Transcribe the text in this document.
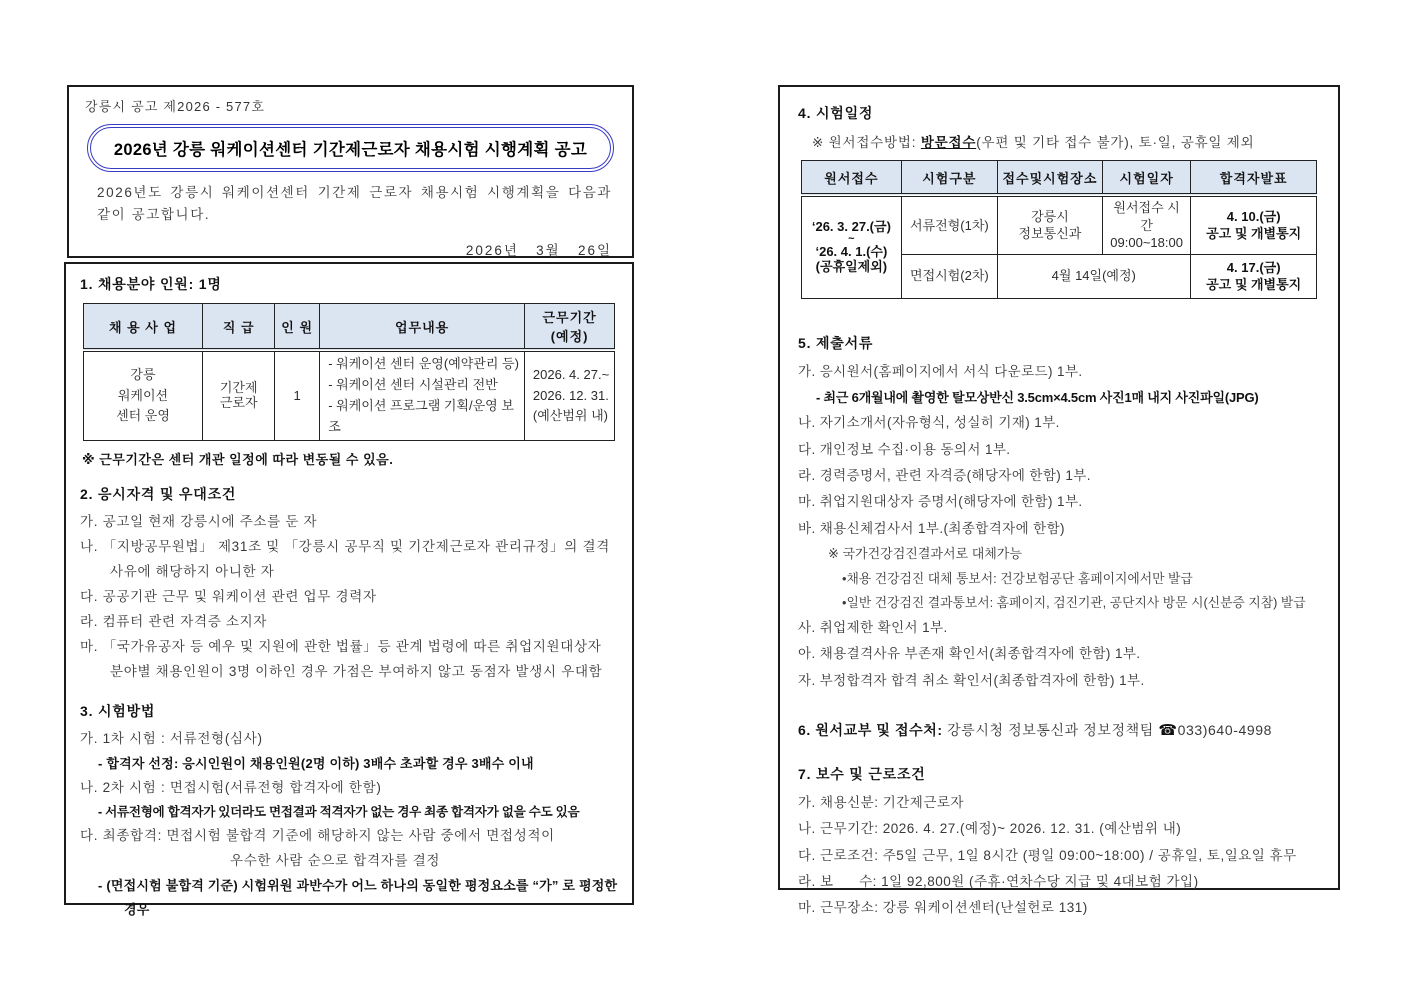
강릉시 공고 제2026 - 577호
2026년 강릉 워케이션센터 기간제근로자 채용시험 시행계획 공고
2026년도 강릉시 워케이션센터 기간제 근로자 채용시험 시행계획을 다음과 같이 공고합니다.
2026년   3월   26일
1. 채용분야 인원: 1명
채 용 사 업	직 급	인 원	업무내용	근무기간
(예정)

강릉
워케이션
센터 운영	기간제
근로자	1	- 워케이션 센터 운영(예약관리 등)
- 워케이션 센터 시설관리 전반
- 워케이션 프로그램 기획/운영 보조	2026. 4. 27.~
2026. 12. 31.
(예산범위 내)
※ 근무기간은 센터 개관 일정에 따라 변동될 수 있음.
2. 응시자격 및 우대조건
가. 공고일 현재 강릉시에 주소를 둔 자
나. 「지방공무원법」 제31조 및 「강릉시 공무직 및 기간제근로자 관리규정」의 결격사유에 해당하지 아니한 자
다. 공공기관 근무 및 워케이션 관련 업무 경력자
라. 컴퓨터 관련 자격증 소지자
마. 「국가유공자 등 예우 및 지원에 관한 법률」등 관계 법령에 따른 취업지원대상자 분야별 채용인원이 3명 이하인 경우 가점은 부여하지 않고 동점자 발생시 우대함
3. 시험방법
가. 1차 시험 : 서류전형(심사)
- 합격자 선정: 응시인원이 채용인원(2명 이하) 3배수 초과할 경우 3배수 이내
나. 2차 시험 : 면접시험(서류전형 합격자에 한함)
- 서류전형에 합격자가 있더라도 면접결과 적격자가 없는 경우 최종 합격자가 없을 수도 있음
다. 최종합격: 면접시험 불합격 기준에 해당하지 않는 사람 중에서 면접성적이
우수한 사람 순으로 합격자를 결정
- (면접시험 불합격 기준) 시험위원 과반수가 어느 하나의 동일한 평정요소를 “가” 로 평정한 경우
4. 시험일정
※ 원서접수방법: 방문접수(우편 및 기타 접수 불가), 토·일, 공휴일 제외
원서접수	시험구분	접수및시험장소	시험일자	합격자발표

‘26. 3. 27.(금)
~
‘26. 4. 1.(수)
(공휴일제외)	서류전형(1차)	강릉시
정보통신과	원서접수 시간
09:00~18:00	4. 10.(금)
공고 및 개별통지

	면접시험(2차)	4월 14일(예정)		4. 17.(금)
공고 및 개별통지
5. 제출서류
가. 응시원서(홈페이지에서 서식 다운로드) 1부.
- 최근 6개월내에 촬영한 탈모상반신 3.5cm×4.5cm 사진1매 내지 사진파일(JPG)
나. 자기소개서(자유형식, 성실히 기재) 1부.
다. 개인정보 수집·이용 동의서 1부.
라. 경력증명서, 관련 자격증(해당자에 한함) 1부.
마. 취업지원대상자 증명서(해당자에 한함) 1부.
바. 채용신체검사서 1부.(최종합격자에 한함)
※ 국가건강검진결과서로 대체가능
•채용 건강검진 대체 통보서: 건강보험공단 홈페이지에서만 발급
•일반 건강검진 결과통보서: 홈페이지, 검진기관, 공단지사 방문 시(신분증 지참) 발급
사. 취업제한 확인서 1부.
아. 채용결격사유 부존재 확인서(최종합격자에 한함) 1부.
자. 부정합격자 합격 취소 확인서(최종합격자에 한함) 1부.
6. 원서교부 및 접수처: 강릉시청 정보통신과 정보정책팀 ☎033)640-4998
7. 보수 및 근로조건
가. 채용신분: 기간제근로자
나. 근무기간: 2026. 4. 27.(예정)~ 2026. 12. 31. (예산범위 내)
다. 근로조건: 주5일 근무, 1일 8시간 (평일 09:00~18:00) / 공휴일, 토,일요일 휴무
라. 보      수: 1일 92,800원 (주휴·연차수당 지급 및 4대보험 가입)
마. 근무장소: 강릉 워케이션센터(난설헌로 131)
